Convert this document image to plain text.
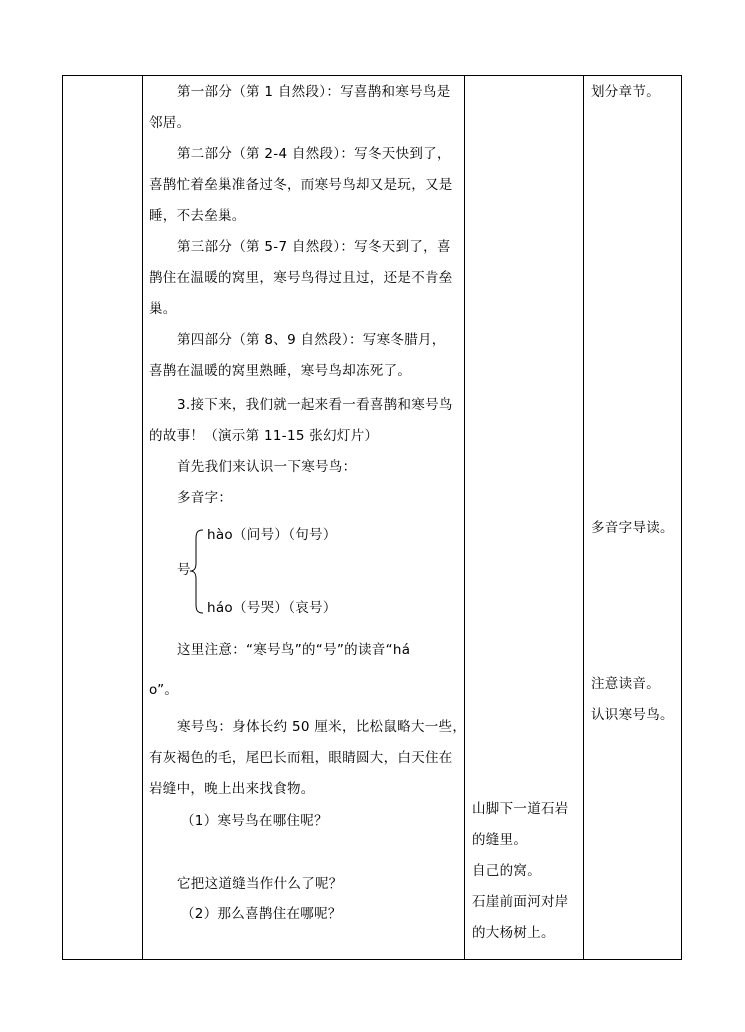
第一部分（第 1 自然段）：写喜鹊和寒号鸟是
邻居。
第二部分（第 2-4 自然段）：写冬天快到了，
喜鹊忙着垒巢准备过冬，而寒号鸟却又是玩，又是
睡，不去垒巢。
第三部分（第 5-7 自然段）：写冬天到了，喜
鹊住在温暖的窝里，寒号鸟得过且过，还是不肯垒
巢。
第四部分（第 8、9 自然段）：写寒冬腊月，
喜鹊在温暖的窝里熟睡，寒号鸟却冻死了。
3.接下来，我们就一起来看一看喜鹊和寒号鸟
的故事！（演示第 11-15 张幻灯片）
首先我们来认识一下寒号鸟：
多音字：
hào（问号）（句号）
号
háo（号哭）（哀号）
这里注意：“寒号鸟”的“号”的读音“há
o”。
寒号鸟：身体长约 50 厘米，比松鼠略大一些，
有灰褐色的毛，尾巴长而粗，眼睛圆大，白天住在
岩缝中，晚上出来找食物。
（1）寒号鸟在哪住呢？
它把这道缝当作什么了呢？
（2）那么喜鹊住在哪呢？
山脚下一道石岩
的缝里。
自己的窝。
石崖前面河对岸
的大杨树上。
划分章节。
多音字导读。
注意读音。
认识寒号鸟。
